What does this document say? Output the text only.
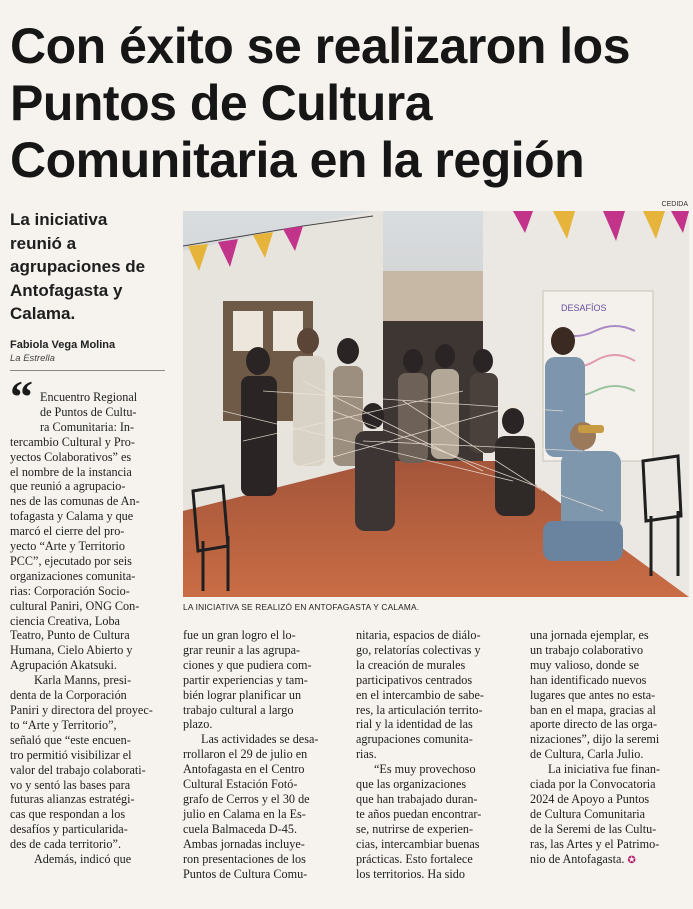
Con éxito se realizaron los
Puntos de Cultura
Comunitaria en la región
CEDIDA
La iniciativa
reunió a
agrupaciones de
Antofagasta y
Calama.
Fabiola Vega Molina
La Estrella
“ Encuentro Regional
de Puntos de Cultu-
ra Comunitaria: In-
tercambio Cultural y Pro-
yectos Colaborativos” es
el nombre de la instancia
que reunió a agrupacio-
nes de las comunas de An-
tofagasta y Calama y que
marcó el cierre del pro-
yecto “Arte y Territorio
PCC”, ejecutado por seis
organizaciones comunita-
rias: Corporación Socio-
cultural Paniri, ONG Con-
ciencia Creativa, Loba
Teatro, Punto de Cultura
Humana, Cielo Abierto y
Agrupación Akatsuki.
Karla Manns, presi-
denta de la Corporación
Paniri y directora del proyec-
to “Arte y Territorio”,
señaló que “este encuen-
tro permitió visibilizar el
valor del trabajo colaborati-
vo y sentó las bases para
futuras alianzas estratégi-
cas que respondan a los
desafíos y particularida-
des de cada territorio”.
Además, indicó que
DESAFÍOS
LA INICIATIVA SE REALIZÓ EN ANTOFAGASTA Y CALAMA.
fue un gran logro el lo-
grar reunir a las agrupa-
ciones y que pudiera com-
partir experiencias y tam-
bién lograr planificar un
trabajo cultural a largo
plazo.
Las actividades se desa-
rrollaron el 29 de julio en
Antofagasta en el Centro
Cultural Estación Fotó-
grafo de Cerros y el 30 de
julio en Calama en la Es-
cuela Balmaceda D-45.
Ambas jornadas incluye-
ron presentaciones de los
Puntos de Cultura Comu-
nitaria, espacios de diálo-
go, relatorías colectivas y
la creación de murales
participativos centrados
en el intercambio de sabe-
res, la articulación territo-
rial y la identidad de las
agrupaciones comunita-
rias.
“Es muy provechoso
que las organizaciones
que han trabajado duran-
te años puedan encontrar-
se, nutrirse de experien-
cias, intercambiar buenas
prácticas. Esto fortalece
los territorios. Ha sido
una jornada ejemplar, es
un trabajo colaborativo
muy valioso, donde se
han identificado nuevos
lugares que antes no esta-
ban en el mapa, gracias al
aporte directo de las orga-
nizaciones”, dijo la seremi
de Cultura, Carla Julio.
La iniciativa fue finan-
ciada por la Convocatoria
2024 de Apoyo a Puntos
de Cultura Comunitaria
de la Seremi de las Cultu-
ras, las Artes y el Patrimo-
nio de Antofagasta. ✪
